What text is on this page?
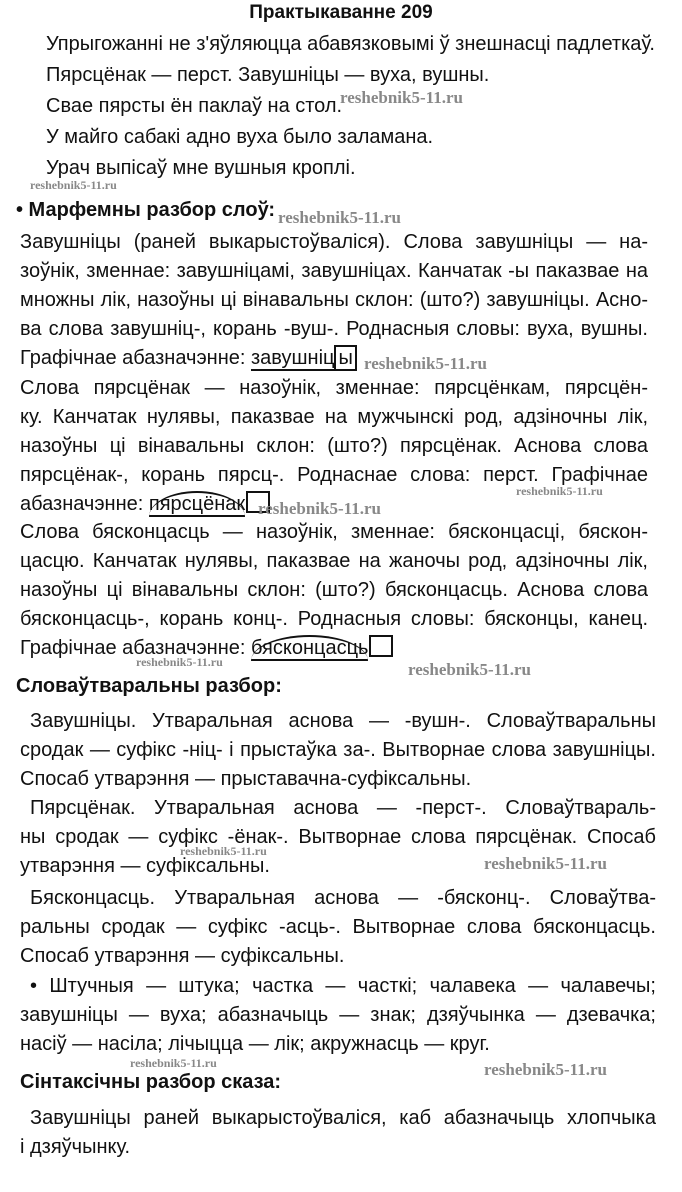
Практыкаванне 209
Упрыгожанні не з'яўляюцца абавязковымі ў знешнасці падлеткаў.
Пярсцёнак — перст. Завушніцы — вуха, вушны.
Свае пярсты ён паклаў на стол.
У майго сабакі адно вуха было заламана.
Урач выпісаў мне вушныя кроплі.
• Марфемны разбор слоў:
Завушніцы (раней выкарыстоўваліся). Слова завушніцы — на-
зоўнік, зменнае: завушніцамі, завушніцах. Канчатак -ы паказвае на
множны лік, назоўны ці вінавальны склон: (што?) завушніцы. Асно-
ва слова завушніц-, корань -вуш-. Роднасныя словы: вуха, вушны.
Графічнае абазначэнне: завушніц ы
Слова пярсцёнак — назоўнік, зменнае: пярсцёнкам, пярсцён-
ку. Канчатак нулявы, паказвае на мужчынскі род, адзіночны лік,
назоўны ці вінавальны склон: (што?) пярсцёнак. Аснова слова
пярсцёнак-, корань пярсц-. Роднаснае слова: перст. Графічнае
абазначэнне: пярсцёнак
Слова бясконцасць — назоўнік, зменнае: бясконцасці, бяскон-
цасцю. Канчатак нулявы, паказвае на жаночы род, адзіночны лік,
назоўны ці вінавальны склон: (што?) бясконцасць. Аснова слова
бясконцасць-, корань конц-. Роднасныя словы: бясконцы, канец.
Графічнае абазначэнне: бясконцасць
Словаўтваральны разбор:
Завушніцы. Утваральная аснова — -вушн-. Словаўтваральны
сродак — суфікс -ніц- і прыстаўка за-. Вытворнае слова завушніцы.
Спосаб утварэння — прыставачна-суфіксальны.
Пярсцёнак. Утваральная аснова — -перст-. Словаўтвараль-
ны сродак — суфікс -ёнак-. Вытворнае слова пярсцёнак. Спосаб
утварэння — суфіксальны.
Бясконцасць. Утваральная аснова — -бясконц-. Словаўтва-
ральны сродак — суфікс -асць-. Вытворнае слова бясконцасць.
Спосаб утварэння — суфіксальны.
• Штучныя — штука; частка — часткі; чалавека — чалавечы;
завушніцы — вуха; абазначыць — знак; дзяўчынка — дзевачка;
насіў — насіла; лічыцца — лік; акружнасць — круг.
Сінтаксічны разбор сказа:
Завушніцы раней выкарыстоўваліся, каб абазначыць хлопчыка
і дзяўчынку.
reshebnik5-11.ru
reshebnik5-11.ru
reshebnik5-11.ru
reshebnik5-11.ru
reshebnik5-11.ru
reshebnik5-11.ru
reshebnik5-11.ru	reshebnik5-11.ru
reshebnik5-11.ru
reshebnik5-11.ru
reshebnik5-11.ru	reshebnik5-11.ru
